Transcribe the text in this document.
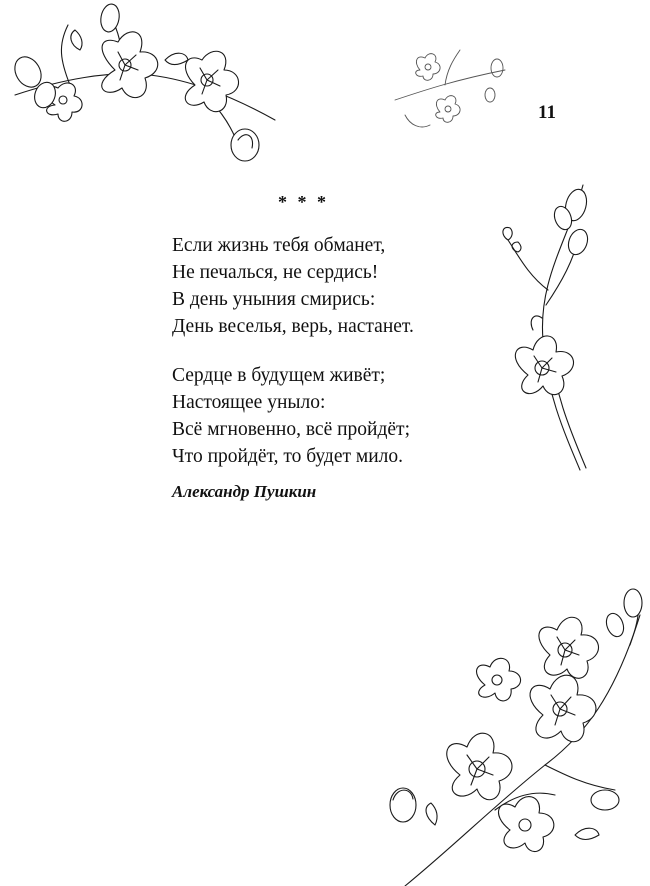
11
* * *
Если жизнь тебя обманет,
Не печалься, не сердись!
В день уныния смирись:
День веселья, верь, настанет.
Сердце в будущем живёт;
Настоящее уныло:
Всё мгновенно, всё пройдёт;
Что пройдёт, то будет мило.
Александр Пушкин
